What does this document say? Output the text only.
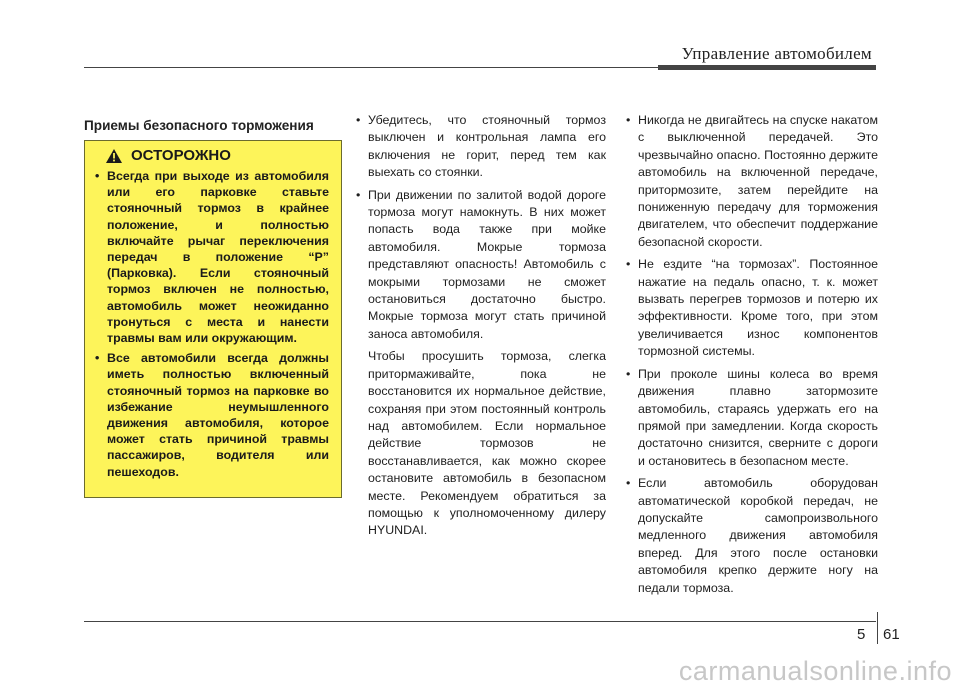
Управление автомобилем
Приемы безопасного торможения
ОСТОРОЖНО
• Всегда при выходе из автомобиля или его парковке ставьте стояночный тормоз в крайнее положение, и полностью включайте рычаг переключения передач в положение “P” (Парковка). Если стояночный тормоз включен не полностью, автомобиль может неожиданно тронуться с места и нанести травмы вам или окружающим.
• Все автомобили всегда должны иметь полностью включенный стояночный тормоз на парковке во избежание неумышленного движения автомобиля, которое может стать причиной травмы пассажиров, водителя или пешеходов.
• Убедитесь, что стояночный тормоз выключен и контрольная лампа его включения не горит, перед тем как выехать со стоянки.
• При движении по залитой водой дороге тормоза могут намокнуть. В них может попасть вода также при мойке автомобиля. Мокрые тормоза представляют опасность! Автомобиль с мокрыми тормозами не сможет остановиться достаточно быстро. Мокрые тормоза могут стать причиной заноса автомобиля.

Чтобы просушить тормоза, слегка притормаживайте, пока не восстановится их нормальное действие, сохраняя при этом постоянный контроль над автомобилем. Если нормальное действие тормозов не восстанавливается, как можно скорее остановите автомобиль в безопасном месте. Рекомендуем обратиться за помощью к уполномоченному дилеру HYUNDAI.

• Никогда не двигайтесь на спуске накатом с выключенной передачей. Это чрезвычайно опасно. Постоянно держите автомобиль на включенной передаче, притормозите, затем перейдите на пониженную передачу для торможения двигателем, что обеспечит поддержание безопасной скорости.
• Не ездите “на тормозах”. Постоянное нажатие на педаль опасно, т. к. может вызвать перегрев тормозов и потерю их эффективности. Кроме того, при этом увеличивается износ компонентов тормозной системы.
• При проколе шины колеса во время движения плавно затормозите автомобиль, стараясь удержать его на прямой при замедлении. Когда скорость достаточно снизится, сверните с дороги и остановитесь в безопасном месте.
• Если автомобиль оборудован автоматической коробкой передач, не допускайте самопроизвольного медленного движения автомобиля вперед. Для этого после остановки автомобиля крепко держите ногу на педали тормоза.
5 61
carmanualsonline.info
